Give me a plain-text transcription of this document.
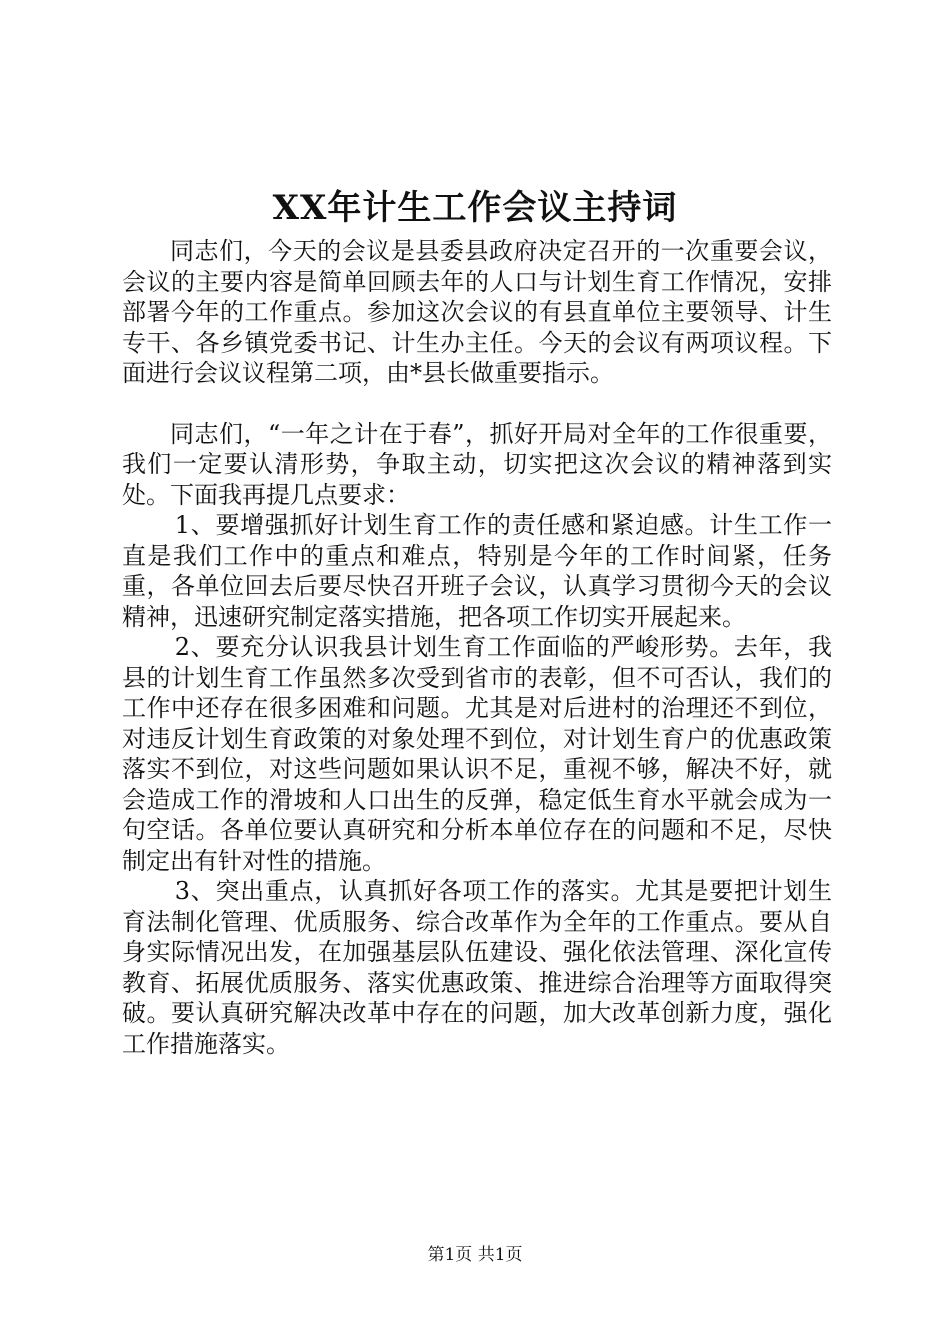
XX年计生工作会议主持词

同志们，今天的会议是县委县政府决定召开的一次重要会议，会议的主要内容是简单回顾去年的人口与计划生育工作情况，安排部署今年的工作重点。参加这次会议的有县直单位主要领导、计生专干、各乡镇党委书记、计生办主任。今天的会议有两项议程。下面进行会议议程第二项，由*县长做重要指示。

同志们，“一年之计在于春”，抓好开局对全年的工作很重要，我们一定要认清形势，争取主动，切实把这次会议的精神落到实处。下面我再提几点要求：

1、要增强抓好计划生育工作的责任感和紧迫感。计生工作一直是我们工作中的重点和难点，特别是今年的工作时间紧，任务重，各单位回去后要尽快召开班子会议，认真学习贯彻今天的会议精神，迅速研究制定落实措施，把各项工作切实开展起来。

2、要充分认识我县计划生育工作面临的严峻形势。去年，我县的计划生育工作虽然多次受到省市的表彰，但不可否认，我们的工作中还存在很多困难和问题。尤其是对后进村的治理还不到位，对违反计划生育政策的对象处理不到位，对计划生育户的优惠政策落实不到位，对这些问题如果认识不足，重视不够，解决不好，就会造成工作的滑坡和人口出生的反弹，稳定低生育水平就会成为一句空话。各单位要认真研究和分析本单位存在的问题和不足，尽快制定出有针对性的措施。

3、突出重点，认真抓好各项工作的落实。尤其是要把计划生育法制化管理、优质服务、综合改革作为全年的工作重点。要从自身实际情况出发，在加强基层队伍建设、强化依法管理、深化宣传教育、拓展优质服务、落实优惠政策、推进综合治理等方面取得突破。要认真研究解决改革中存在的问题，加大改革创新力度，强化工作措施落实。

第1页 共1页
